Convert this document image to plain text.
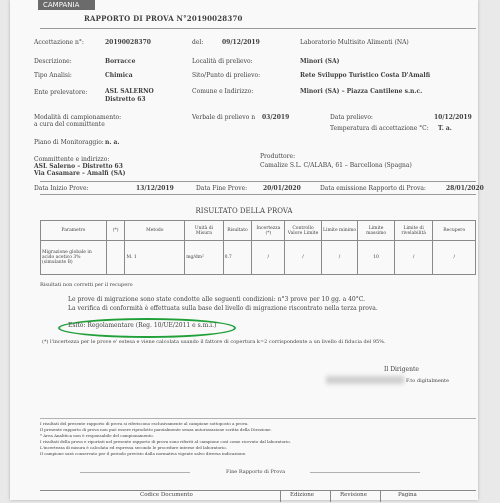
CAMPANIA
RAPPORTO DI PROVA N°20190028370
Accettazione n°:	20190028370	del:	09/12/2019	Laboratorio Multisito Alimenti (NA)
Descrizione:	Borracce	Località di prelievo:	Minori (SA)
Tipo Analisi:	Chimica	Sito/Punto di prelievo:	Rete Sviluppo Turistico Costa D'Amalfi
Ente prelevatore:	ASL SALERNO
Distretto 63
Comune e Indirizzo:	Minori (SA) – Piazza Cantilene s.n.c.
Modalità di campionamento:
a cura del committente
Verbale di prelievo n 03/2019	Data prelievo:	10/12/2019
Temperatura di accettazione °C: T. a.
Piano di Monitoraggio: n. a.
Committente e indirizzo:
ASL Salerno – Distretto 63
Via Casamare – Amalfi (SA)
Produttore:
Camalize S.L. C/ALABA, 61 – Barcellona (Spagna)
Data Inizio Prove:	13/12/2019	Data Fine Prove:	20/01/2020	Data emissione Rapporto di Prova:	28/01/2020
RISULTATO DELLA PROVA
Parametro	(*)	Metodo	Unità di Misura	Risultato	Incertezza (*)	Controllo Valore Limite	Limite minimo	Limite massimo	Limite di rivelabilità	Recupero
Migrazione globale in acido acetico 3% (simulante B)		M. 1	mg/dm²	0.7	/	/	/	10	/	/
Risultati non corretti per il recupero
Le prove di migrazione sono state condotte alle seguenti condizioni: n°3 prove per 10 gg. a 40°C.
La verifica di conformità è effettuata sulla base del livello di migrazione riscontrato nella terza prova.
Esito: Regolamentare (Reg. 10/UE/2011 e s.m.i.)
(*) l'incertezza per le prove e' estesa e viene calcolata usando il fattore di copertura k=2 corrispondente a un livello di fiducia del 95%.
Il Dirigente
F.to digitalmente
I risultati del presente rapporto di prova si riferiscono esclusivamente al campione sottoposto a prova.
Il presente rapporto di prova non può essere riprodotto parzialmente senza autorizzazione scritta della Direzione.
* Area Analitica non è responsabile del campionamento.
I risultati della prova e riportati nel presente rapporto di prova sono riferiti al campione così come ricevuto dal laboratorio.
L'incertezza di misura è calcolata ed espressa secondo le procedure interne del laboratorio.
Il campione sarà conservato per il periodo previsto dalla normativa vigente salvo diversa indicazione.
Fine Rapporto di Prova
Codice Documento	Edizione	Revisione	Pagina
